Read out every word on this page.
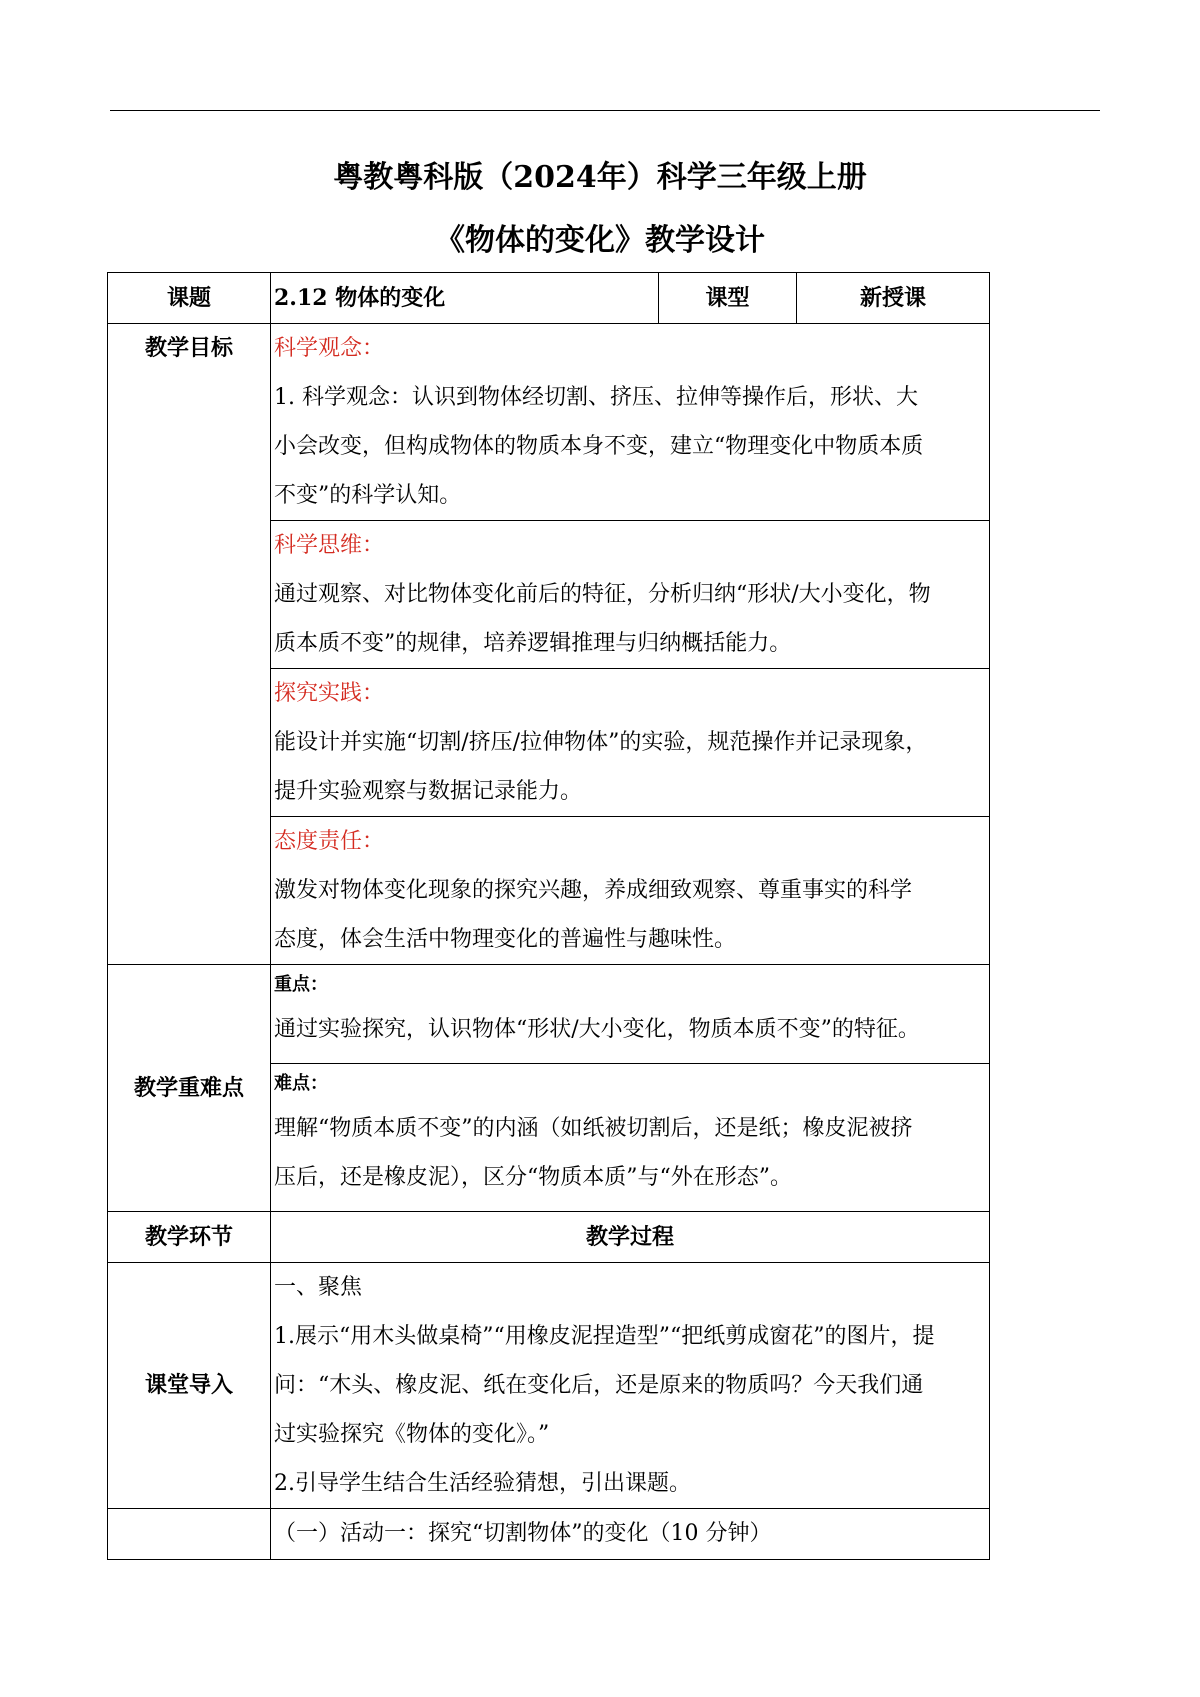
粤教粤科版（2024年）科学三年级上册
《物体的变化》教学设计
课题	2.12 物体的变化	课型	新授课
教学目标	科学观念：
1. 科学观念：认识到物体经切割、挤压、拉伸等操作后，形状、大
小会改变，但构成物体的物质本身不变，建立“物理变化中物质本质
不变”的科学认知。		

	科学思维：
通过观察、对比物体变化前后的特征，分析归纳“形状/大小变化，物
质本质不变”的规律，培养逻辑推理与归纳概括能力。		

	探究实践：
能设计并实施“切割/挤压/拉伸物体”的实验，规范操作并记录现象，
提升实验观察与数据记录能力。		

	态度责任：
激发对物体变化现象的探究兴趣，养成细致观察、尊重事实的科学
态度，体会生活中物理变化的普遍性与趣味性。		

教学重难点	重点：
通过实验探究，认识物体“形状/大小变化，物质本质不变”的特征。		

	难点：
理解“物质本质不变”的内涵（如纸被切割后，还是纸；橡皮泥被挤
压后，还是橡皮泥），区分“物质本质”与“外在形态”。		

教学环节	教学过程		
课堂导入	一、聚焦
1.展示“用木头做桌椅”“用橡皮泥捏造型”“把纸剪成窗花”的图片，提
问：“木头、橡皮泥、纸在变化后，还是原来的物质吗？今天我们通
过实验探究《物体的变化》。”
2.引导学生结合生活经验猜想，引出课题。		

	（一）活动一：探究“切割物体”的变化（10 分钟）		
